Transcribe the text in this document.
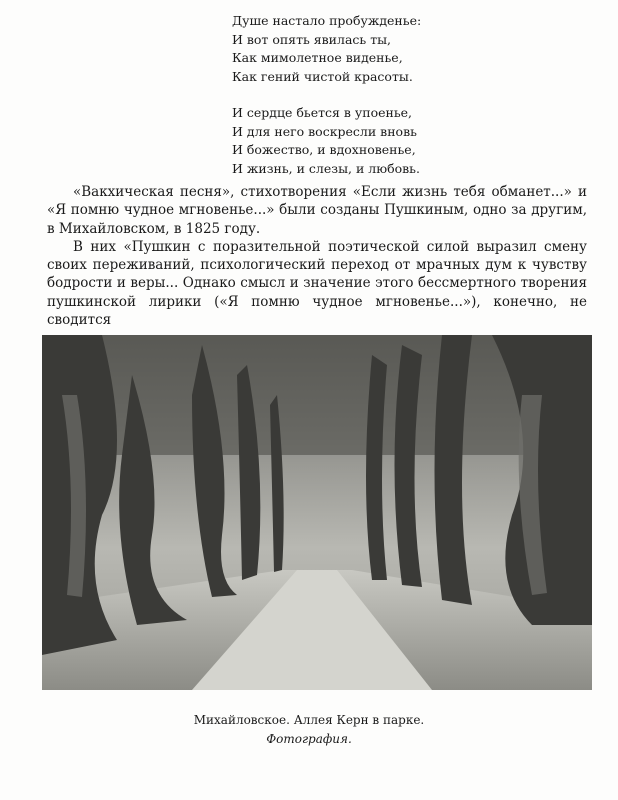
Душе настало пробужденье:
И вот опять явилась ты,
Как мимолетное виденье,
Как гений чистой красоты.
И сердце бьется в упоенье,
И для него воскресли вновь
И божество, и вдохновенье,
И жизнь, и слезы, и любовь.

«Вакхическая песня», стихотворения «Если жизнь тебя обманет...» и «Я помню чудное мгновенье...» были созданы Пушкиным, одно за другим, в Михайловском, в 1825 году.

В них «Пушкин с поразительной поэтической силой выразил смену своих переживаний, психологический переход от мрачных дум к чувству бодрости и веры... Однако смысл и значение этого бессмертного творения пушкинской лирики («Я помню чудное мгновенье...»), конечно, не сводится

Михайловское. Аллея Керн в парке.
Фотография.
